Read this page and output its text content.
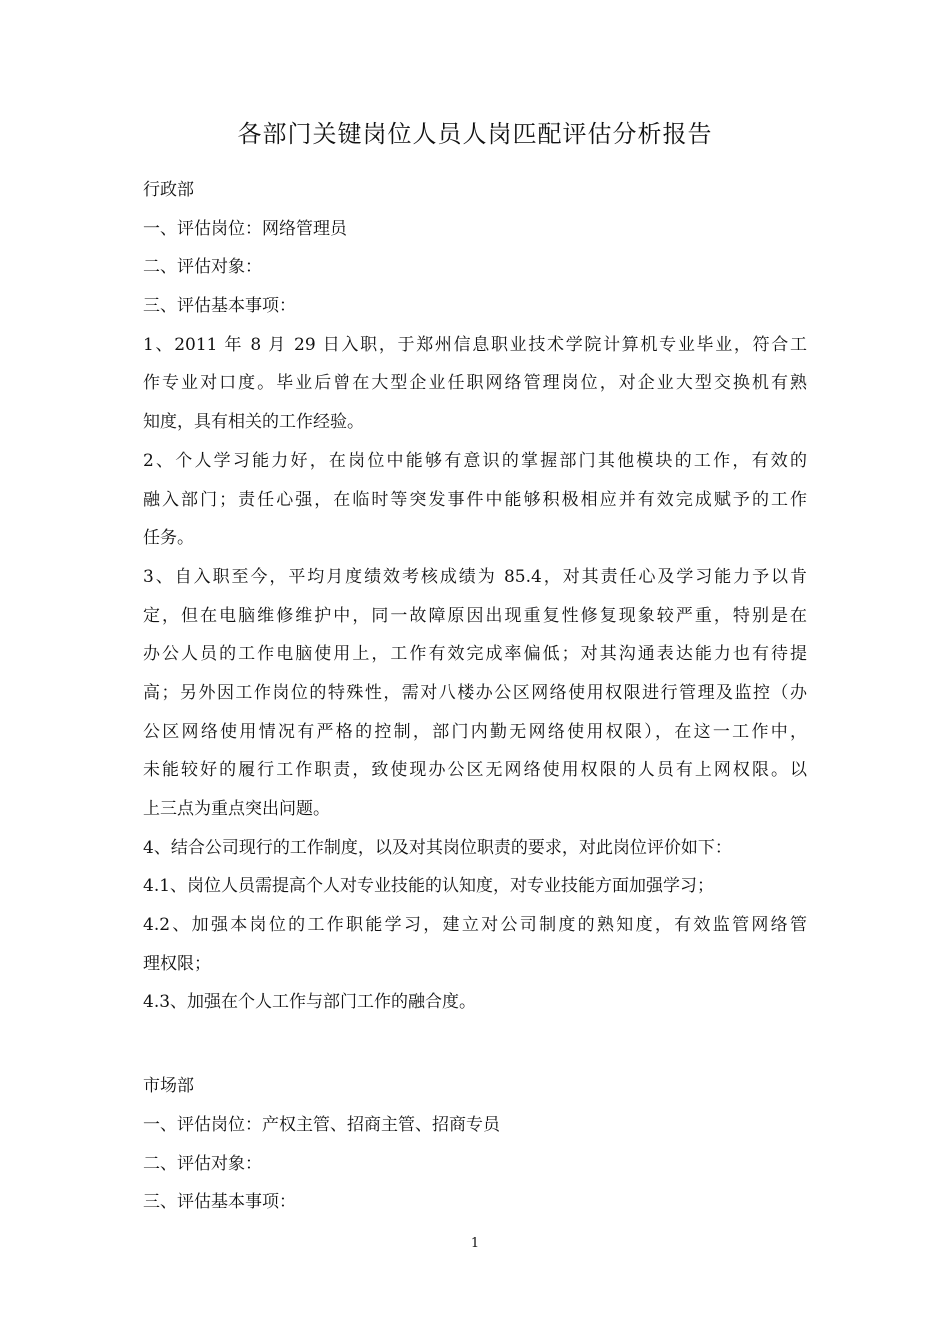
各部门关键岗位人员人岗匹配评估分析报告
行政部
一、评估岗位：网络管理员
二、评估对象：
三、评估基本事项：
1、2011 年 8 月 29 日入职，于郑州信息职业技术学院计算机专业毕业，符合工
作专业对口度。毕业后曾在大型企业任职网络管理岗位，对企业大型交换机有熟
知度，具有相关的工作经验。
2、个人学习能力好，在岗位中能够有意识的掌握部门其他模块的工作，有效的
融入部门；责任心强，在临时等突发事件中能够积极相应并有效完成赋予的工作
任务。
3、自入职至今，平均月度绩效考核成绩为 85.4，对其责任心及学习能力予以肯
定，但在电脑维修维护中，同一故障原因出现重复性修复现象较严重，特别是在
办公人员的工作电脑使用上，工作有效完成率偏低；对其沟通表达能力也有待提
高；另外因工作岗位的特殊性，需对八楼办公区网络使用权限进行管理及监控（办
公区网络使用情况有严格的控制，部门内勤无网络使用权限），在这一工作中，
未能较好的履行工作职责，致使现办公区无网络使用权限的人员有上网权限。以
上三点为重点突出问题。
4、结合公司现行的工作制度，以及对其岗位职责的要求，对此岗位评价如下：
4.1、岗位人员需提高个人对专业技能的认知度，对专业技能方面加强学习；
4.2、加强本岗位的工作职能学习，建立对公司制度的熟知度，有效监管网络管
理权限；
4.3、加强在个人工作与部门工作的融合度。
市场部
一、评估岗位：产权主管、招商主管、招商专员
二、评估对象：
三、评估基本事项：
1
